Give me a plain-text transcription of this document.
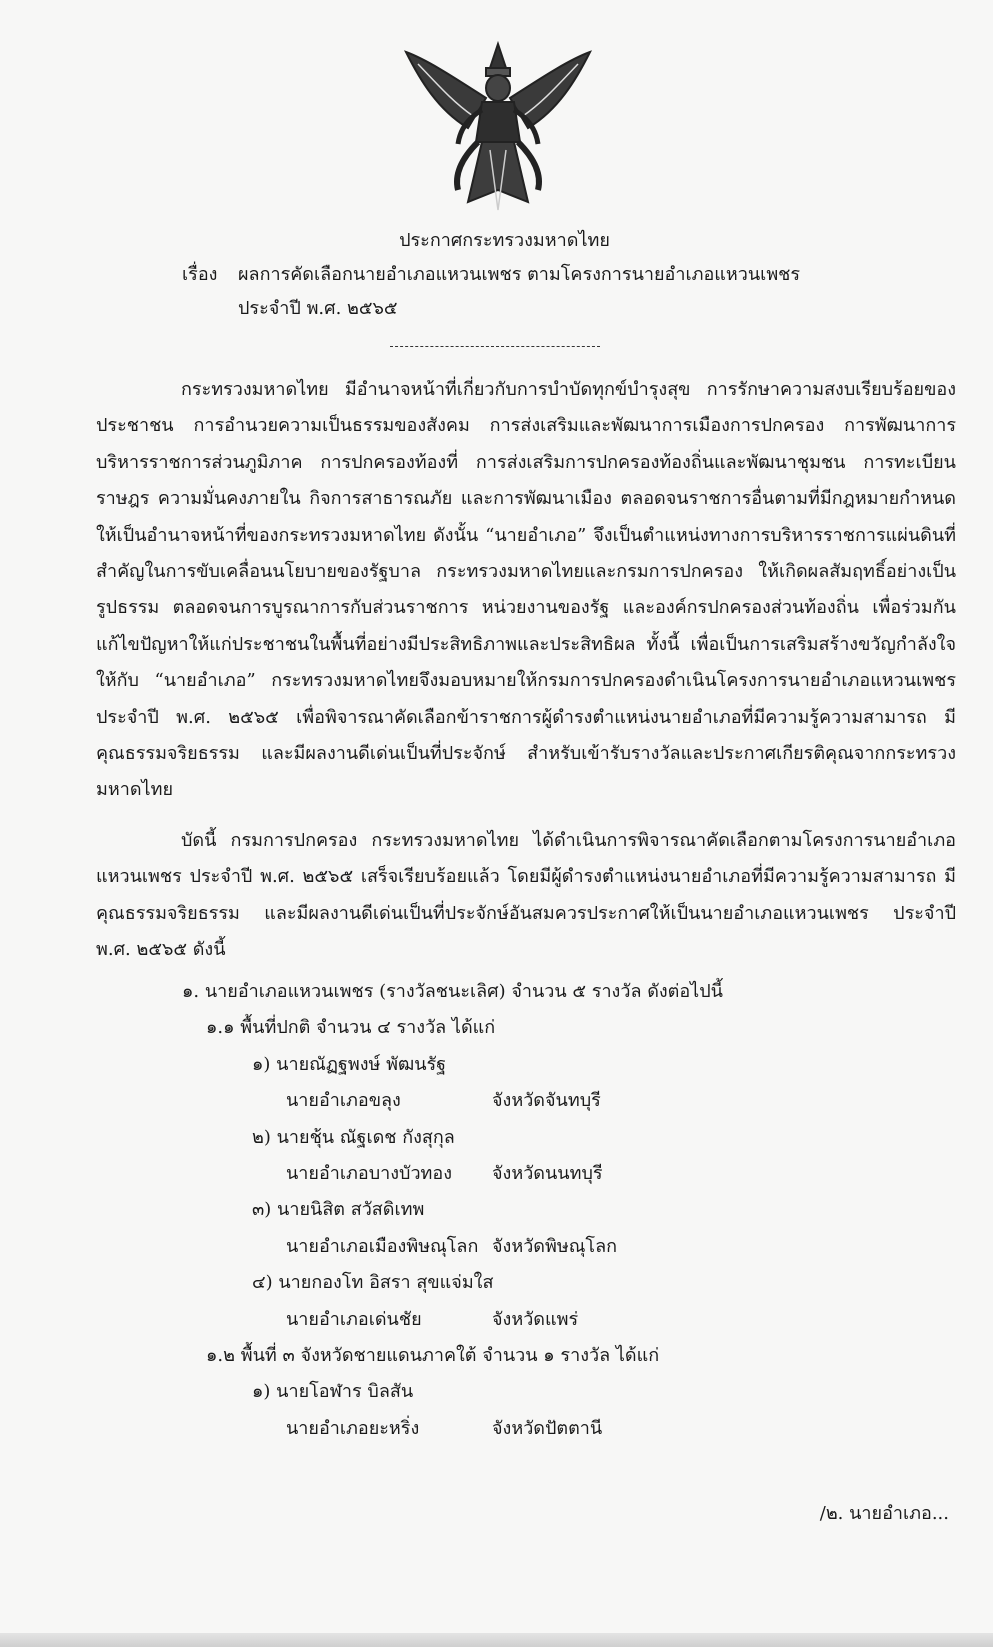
ประกาศกระทรวงมหาดไทย
เรื่อง ผลการคัดเลือกนายอำเภอแหวนเพชร ตามโครงการนายอำเภอแหวนเพชร
ประจำปี พ.ศ. ๒๕๖๕

กระทรวงมหาดไทย มีอำนาจหน้าที่เกี่ยวกับการบำบัดทุกข์บำรุงสุข การรักษาความสงบเรียบร้อยของประชาชน การอำนวยความเป็นธรรมของสังคม การส่งเสริมและพัฒนาการเมืองการปกครอง การพัฒนาการบริหารราชการส่วนภูมิภาค การปกครองท้องที่ การส่งเสริมการปกครองท้องถิ่นและพัฒนาชุมชน การทะเบียนราษฎร ความมั่นคงภายใน กิจการสาธารณภัย และการพัฒนาเมือง ตลอดจนราชการอื่นตามที่มีกฎหมายกำหนดให้เป็นอำนาจหน้าที่ของกระทรวงมหาดไทย ดังนั้น “นายอำเภอ” จึงเป็นตำแหน่งทางการบริหารราชการแผ่นดินที่สำคัญในการขับเคลื่อนนโยบายของรัฐบาล กระทรวงมหาดไทยและกรมการปกครอง ให้เกิดผลสัมฤทธิ์อย่างเป็นรูปธรรม ตลอดจนการบูรณาการกับส่วนราชการ หน่วยงานของรัฐ และองค์กรปกครองส่วนท้องถิ่น เพื่อร่วมกันแก้ไขปัญหาให้แก่ประชาชนในพื้นที่อย่างมีประสิทธิภาพและประสิทธิผล ทั้งนี้ เพื่อเป็นการเสริมสร้างขวัญกำลังใจให้กับ “นายอำเภอ” กระทรวงมหาดไทยจึงมอบหมายให้กรมการปกครองดำเนินโครงการนายอำเภอแหวนเพชร ประจำปี พ.ศ. ๒๕๖๕ เพื่อพิจารณาคัดเลือกข้าราชการผู้ดำรงตำแหน่งนายอำเภอที่มีความรู้ความสามารถ มีคุณธรรมจริยธรรม และมีผลงานดีเด่นเป็นที่ประจักษ์ สำหรับเข้ารับรางวัลและประกาศเกียรติคุณจากกระทรวงมหาดไทย

บัดนี้ กรมการปกครอง กระทรวงมหาดไทย ได้ดำเนินการพิจารณาคัดเลือกตามโครงการนายอำเภอแหวนเพชร ประจำปี พ.ศ. ๒๕๖๕ เสร็จเรียบร้อยแล้ว โดยมีผู้ดำรงตำแหน่งนายอำเภอที่มีความรู้ความสามารถ มีคุณธรรมจริยธรรม และมีผลงานดีเด่นเป็นที่ประจักษ์อันสมควรประกาศให้เป็นนายอำเภอแหวนเพชร ประจำปี พ.ศ. ๒๕๖๕ ดังนี้

๑. นายอำเภอแหวนเพชร (รางวัลชนะเลิศ) จำนวน ๕ รางวัล ดังต่อไปนี้
๑.๑ พื้นที่ปกติ จำนวน ๔ รางวัล ได้แก่
๑) นายณัฏฐพงษ์ พัฒนรัฐ
นายอำเภอขลุง	จังหวัดจันทบุรี
๒) นายชุ้น ณัฐเดช กังสุกุล
นายอำเภอบางบัวทอง	จังหวัดนนทบุรี
๓) นายนิสิต สวัสดิเทพ
นายอำเภอเมืองพิษณุโลก จังหวัดพิษณุโลก
๔) นายกองโท อิสรา สุขแจ่มใส
นายอำเภอเด่นชัย	จังหวัดแพร่
๑.๒ พื้นที่ ๓ จังหวัดชายแดนภาคใต้ จำนวน ๑ รางวัล ได้แก่
๑) นายโอฬาร บิลสัน
นายอำเภอยะหริ่ง	จังหวัดปัตตานี
/๒. นายอำเภอ...
